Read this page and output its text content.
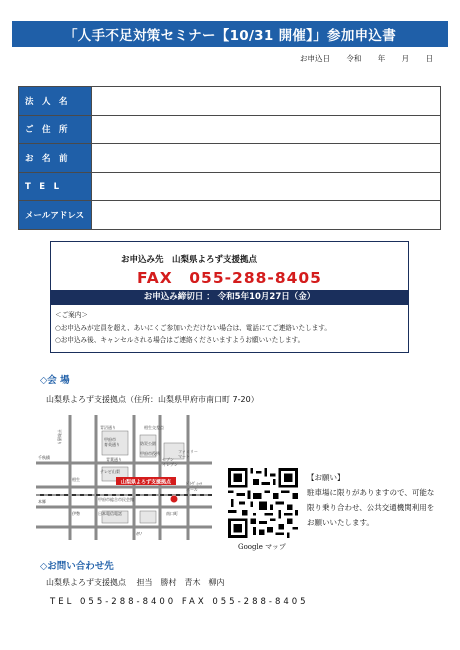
「人手不足対策セミナー【10/31 開催】」参加申込書
お申込日 令和 年 月 日
法　人　名	
ご　住　所	
お　名　前	
T　E　L	
メールアドレス	
お申込み先　山梨県よろず支援拠点
FAX　055-288-8405
お申込み締切日 ： 令和5年10月27日（金）
＜ご案内＞
○お申込みが定員を超え、あいにくご参加いただけない場合は、電話にてご連絡いたします。
○お申込み後、キャンセルされる場合はご連絡くださいますようお願いいたします。
◇会 場
山梨県よろず支援拠点（住所：山梨県甲府市南口町 7-20）
山梨県よろず支援拠点
青沼通り
甲府市
育英通り
相生交差点
防災公園
甲府市役所
セブン
イレブン
ファミリー
マート
テレビ山梨
甲府市総合市民会館
日本電信電話
青葉通り
ﾄﾞﾄｳﾞｨｯﾗ
ホール
千秋橋
南口町
ｵｻﾉ
本郷
伊勢
相生
平和通り
Google マップ
【お願い】
駐車場に限りがありますので、可能な限り乗り合わせ、公共交通機関利用をお願いいたします。
◇お問い合わせ先
山梨県よろず支援拠点　 担当　勝村　青木　柳内
TEL 055-288-8400 FAX 055-288-8405
